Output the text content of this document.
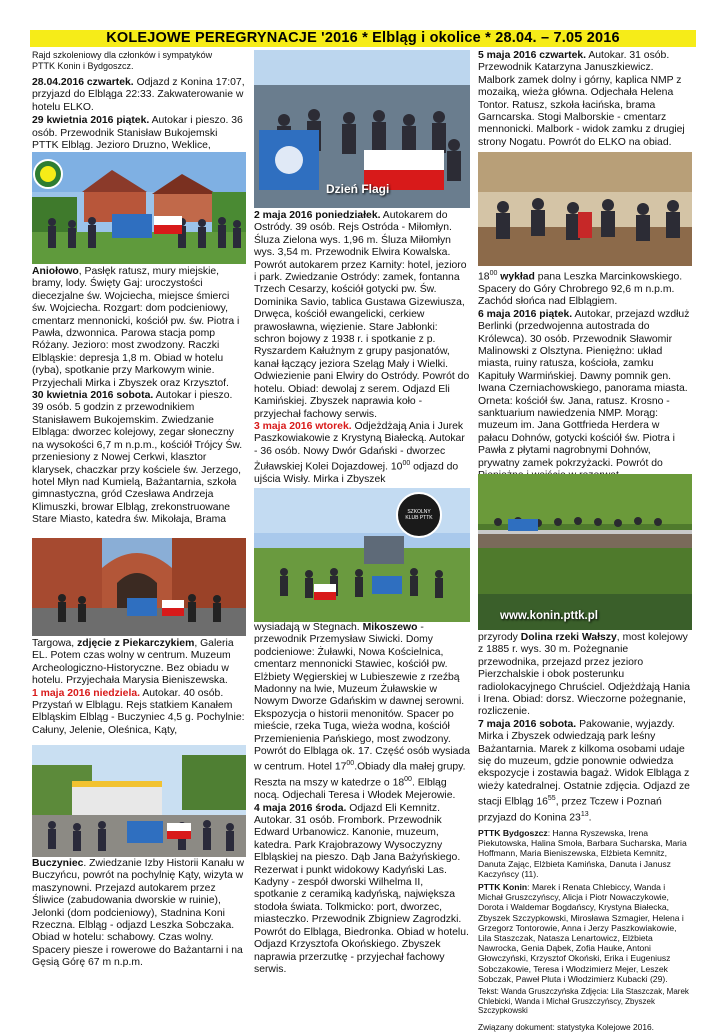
KOLEJOWE PEREGRYNACJE '2016 * Elbląg i okolice * 28.04. – 7.05 2016

Rajd szkoleniowy dla członków i sympatyków PTTK Konin i Bydgoszcz.

28.04.2016 czwartek. Odjazd z Konina 17:07, przyjazd do Elbląga 22:33. Zakwaterowanie w hotelu ELKO.

29 kwietnia 2016 piątek. Autokar i pieszo. 36 osób. Przewodnik Stanisław Bukojemski PTTK Elbląg. Jezioro Druzno, Weklice,

Aniołowo, Pasłęk ratusz, mury miejskie, bramy, lody. Święty Gaj: uroczystości diecezjalne św. Wojciecha, miejsce śmierci św. Wojciecha. Rozgart: dom podcieniowy, cmentarz mennonicki, kościół pw. św. Piotra i Pawła, dzwonnica. Parowa stacja pomp Różany. Jezioro: most zwodzony. Raczki Elbląskie: depresja 1,8 m. Obiad w hotelu (ryba), spotkanie przy Markowym winie. Przyjechali Mirka i Zbyszek oraz Krzysztof.

30 kwietnia 2016 sobota. Autokar i pieszo. 39 osób. 5 godzin z przewodnikiem Stanisławem Bukojemskim. Zwiedzanie Elbląga: dworzec kolejowy, zegar słoneczny na wysokości 6,7 m n.p.m., kościół Trójcy Św. przeniesiony z Nowej Cerkwi, klasztor klarysek, chaczkar przy kościele św. Jerzego, hotel Młyn nad Kumielą, Bażantarnia, szkoła gimnastyczna, gród Czesława Andrzeja Klimuszki, browar Elbląg, zrekonstruowane Stare Miasto, katedra św. Mikołaja, Brama

Targowa, zdjęcie z Piekarczykiem, Galeria EL. Potem czas wolny w centrum. Muzeum Archeologiczno-Historyczne. Bez obiadu w hotelu. Przyjechała Marysia Bieniszewska.

1 maja 2016 niedziela. Autokar. 40 osób. Przystań w Elblągu. Rejs statkiem Kanałem Elbląskim Elbląg - Buczyniec 4,5 g. Pochylnie: Całuny, Jelenie, Oleśnica, Kąty,

Buczyniec. Zwiedzanie Izby Historii Kanału w Buczyńcu, powrót na pochylnię Kąty, wizyta w maszynowni. Przejazd autokarem przez Śliwice (zabudowania dworskie w ruinie), Jelonki (dom podcieniowy), Stadnina Koni Rzeczna. Elbląg - odjazd Leszka Sobczaka. Obiad w hotelu: schabowy. Czas wolny. Spacery piesze i rowerowe do Bażantarni i na Gęsią Górę 67 m n.p.m.

Dzień Flagi

2 maja 2016 poniedziałek. Autokarem do Ostródy. 39 osób. Rejs Ostróda - Miłomłyn. Śluza Zielona wys. 1,96 m. Śluza Miłomłyn wys. 3,54 m. Przewodnik Elwira Kowalska. Powrót autokarem przez Karnity: hotel, jezioro i park. Zwiedzanie Ostródy: zamek, fontanna Trzech Cesarzy, kościół gotycki pw. Św. Dominika Savio, tablica Gustawa Gizewiusza, Drwęca, kościół ewangelicki, cerkiew prawosławna, więzienie. Stare Jabłonki: schron bojowy z 1938 r. i spotkanie z p. Ryszardem Kałużnym z grupy pasjonatów, kanał łączący jeziora Szeląg Mały i Wielki. Odwiezienie pani Elwiry do Ostródy. Powrót do hotelu. Obiad: dewolaj z serem. Odjazd Eli Kamińskiej. Zbyszek naprawia koło - przyjechał fachowy serwis.

3 maja 2016 wtorek. Odjeżdżają Ania i Jurek Paszkowiakowie z Krystyną Białecką. Autokar - 36 osób. Nowy Dwór Gdański - dworzec Żuławskiej Kolei Dojazdowej. $10^{00}$ odjazd do ujścia Wisły. Mirka i Zbyszek

SZKOLNY KLUB PTTK

wysiadają w Stegnach. Mikoszewo - przewodnik Przemysław Siwicki. Domy podcieniowe: Żuławki, Nowa Kościelnica, cmentarz mennonicki Stawiec, kościół pw. Elżbiety Węgierskiej w Lubieszewie z rzeźbą Madonny na lwie, Muzeum Żuławskie w Nowym Dworze Gdańskim w dawnej serowni. Ekspozycja o historii menonitów. Spacer po mieście, rzeka Tuga, wieża wodna, kościół Przemienienia Pańskiego, most zwodzony. Powrót do Elbląga ok. 17. Część osób wysiada w centrum. Hotel $17^{00}.Obiady$ dla małej grupy. Reszta na mszy w katedrze o $18^{00}$. Elbląg nocą. Odjechali Teresa i Włodek Mejerowie.

4 maja 2016 środa. Odjazd Eli Kemnitz. Autokar. 31 osób. Frombork. Przewodnik Edward Urbanowicz. Kanonie, muzeum, katedra. Park Krajobrazowy Wysoczyzny Elbląskiej na pieszo. Dąb Jana Bażyńskiego. Rezerwat i punkt widokowy Kadyński Las. Kadyny - zespół dworski Wilhelma II, spotkanie z ceramiką kadyńską, największa stodoła świata. Tolkmicko: port, dworzec, miasteczko. Przewodnik Zbigniew Zagrodzki. Powrót do Elbląga, Biedronka. Obiad w hotelu. Odjazd Krzysztofa Okońskiego. Zbyszek naprawia przerzutkę - przyjechał fachowy serwis.

5 maja 2016 czwartek. Autokar. 31 osób. Przewodnik Katarzyna Januszkiewicz. Malbork zamek dolny i górny, kaplica NMP z mozaiką, wieża główna. Odjechała Helena Tontor. Ratusz, szkoła łacińska, brama Garncarska. Stogi Malborskie - cmentarz mennonicki. Malbork - widok zamku z drugiej strony Nogatu. Powrót do ELKO na obiad.

$18^{00}$ wykład pana Leszka Marcinkowskiego. Spacery do Góry Chrobrego 92,6 m n.p.m. Zachód słońca nad Elblągiem.

6 maja 2016 piątek. Autokar, przejazd wzdłuż Berlinki (przedwojenna autostrada do Królewca). 30 osób. Przewodnik Sławomir Malinowski z Olsztyna. Pieniężno: układ miasta, ruiny ratusza, kościoła, zamku Kapituły Warmińskiej. Dawny pomnik gen. Iwana Czerniachowskiego, panorama miasta. Orneta: kościół św. Jana, ratusz. Krosno - sanktuarium nawiedzenia NMP. Morąg: muzeum im. Jana Gottfrieda Herdera w pałacu Dohnów, gotycki kościół św. Piotra i Pawła z płytami nagrobnymi Dohnów, prywatny zamek pokrzyżacki. Powrót do

www.konin.pttk.pl

przyrody Dolina rzeki Wałszy, most kolejowy z 1885 r. wys. 30 m. Pożegnanie przewodnika, przejazd przez jezioro Pierzchalskie i obok posterunku radiolokacyjnego Chruściel. Odjeżdżają Hania i Irena. Obiad: dorsz. Wieczorne pożegnanie, rozliczenie.

7 maja 2016 sobota. Pakowanie, wyjazdy. Mirka i Zbyszek odwiedzają park leśny Bażantarnia. Marek z kilkoma osobami udaje się do muzeum, gdzie ponownie odwiedza ekspozycje i zostawia bagaż. Widok Elbląga z wieży katedralnej. Ostatnie zdjęcia. Odjazd ze stacji Elbląg $16^{55}$, przez Tczew i Poznań przyjazd do Konina $23^{13}$.

PTTK Bydgoszcz: Hanna Ryszewska, Irena Piekutowska, Halina Smoła, Barbara Sucharska, Maria Hoffmann, Maria Bieniszewska, Elżbieta Kemnitz, Danuta Zając, Elżbieta Kamińska, Danuta i Janusz Kaczyńscy (11).

PTTK Konin: Marek i Renata Chlebiccy, Wanda i Michał Gruszczyńscy, Alicja i Piotr Nowaczykowie, Dorota i Waldemar Bogdańscy, Krystyna Białecka, Zbyszek Szczypkowski, Mirosława Szmagier, Helena i Grzegorz Tontorowie, Anna i Jerzy Paszkowiakowie, Lila Staszczak, Natasza Lenartowicz, Elżbieta Nawrocka, Genia Dąbek, Zofia Hauke, Antoni Głowczyński, Krzysztof Okoński, Erika i Eugeniusz Sobczakowie, Teresa i Włodzimierz Mejer, Leszek Sobczak, Paweł Pluta i Włodzimierz Kubacki (29).

Tekst: Wanda Gruszczyńska Zdjęcia: Lila Staszczak, Marek Chlebicki, Wanda i Michał Gruszczyńscy, Zbyszek Szczypkowski

Związany dokument: statystyka Kolejowe 2016.
